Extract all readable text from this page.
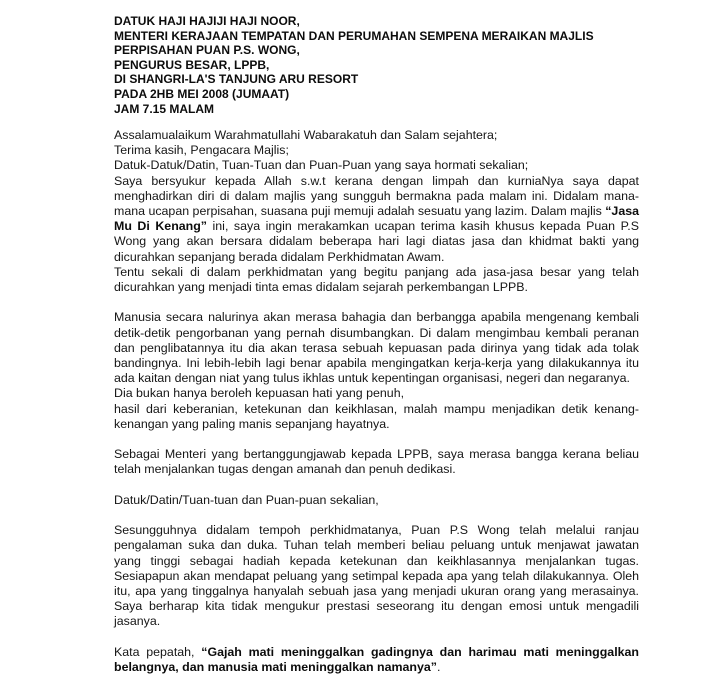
DATUK HAJI HAJIJI HAJI NOOR,
MENTERI KERAJAAN TEMPATAN DAN PERUMAHAN SEMPENA MERAIKAN MAJLIS
PERPISAHAN PUAN P.S. WONG,
PENGURUS BESAR, LPPB,
DI SHANGRI-LA'S TANJUNG ARU RESORT
PADA 2HB MEI 2008 (JUMAAT)
JAM 7.15 MALAM

Assalamualaikum Warahmatullahi Wabarakatuh dan Salam sejahtera;

Terima kasih, Pengacara Majlis;

Datuk-Datuk/Datin, Tuan-Tuan dan Puan-Puan yang saya hormati sekalian;

Saya bersyukur kepada Allah s.w.t kerana dengan limpah dan kurniaNya saya dapat menghadirkan diri di dalam majlis yang sungguh bermakna pada malam ini. Didalam mana-mana ucapan perpisahan, suasana puji memuji adalah sesuatu yang lazim. Dalam majlis “Jasa Mu Di Kenang” ini, saya ingin merakamkan ucapan terima kasih khusus kepada Puan P.S Wong yang akan bersara didalam beberapa hari lagi diatas jasa dan khidmat bakti yang dicurahkan sepanjang berada didalam Perkhidmatan Awam.

Tentu sekali di dalam perkhidmatan yang begitu panjang ada jasa-jasa besar yang telah dicurahkan yang menjadi tinta emas didalam sejarah perkembangan LPPB.

Manusia secara nalurinya akan merasa bahagia dan berbangga apabila mengenang kembali detik-detik pengorbanan yang pernah disumbangkan. Di dalam mengimbau kembali peranan dan penglibatannya itu dia akan terasa sebuah kepuasan pada dirinya yang tidak ada tolak bandingnya. Ini lebih-lebih lagi benar apabila mengingatkan kerja-kerja yang dilakukannya itu ada kaitan dengan niat yang tulus ikhlas untuk kepentingan organisasi, negeri dan negaranya.

Dia bukan hanya beroleh kepuasan hati yang penuh,

hasil dari keberanian, ketekunan dan keikhlasan, malah mampu menjadikan detik kenang-kenangan yang paling manis sepanjang hayatnya.

Sebagai Menteri yang bertanggungjawab kepada LPPB, saya merasa bangga kerana beliau telah menjalankan tugas dengan amanah dan penuh dedikasi.

Datuk/Datin/Tuan-tuan dan Puan-puan sekalian,

Sesungguhnya didalam tempoh perkhidmatanya, Puan P.S Wong telah melalui ranjau pengalaman suka dan duka. Tuhan telah memberi beliau peluang untuk menjawat jawatan yang tinggi sebagai hadiah kepada ketekunan dan keikhlasannya menjalankan tugas. Sesiapapun akan mendapat peluang yang setimpal kepada apa yang telah dilakukannya. Oleh itu, apa yang tinggalnya hanyalah sebuah jasa yang menjadi ukuran orang yang merasainya. Saya berharap kita tidak mengukur prestasi seseorang itu dengan emosi untuk mengadili jasanya.

Kata pepatah, “Gajah mati meninggalkan gadingnya dan harimau mati meninggalkan belangnya, dan manusia mati meninggalkan namanya”.
